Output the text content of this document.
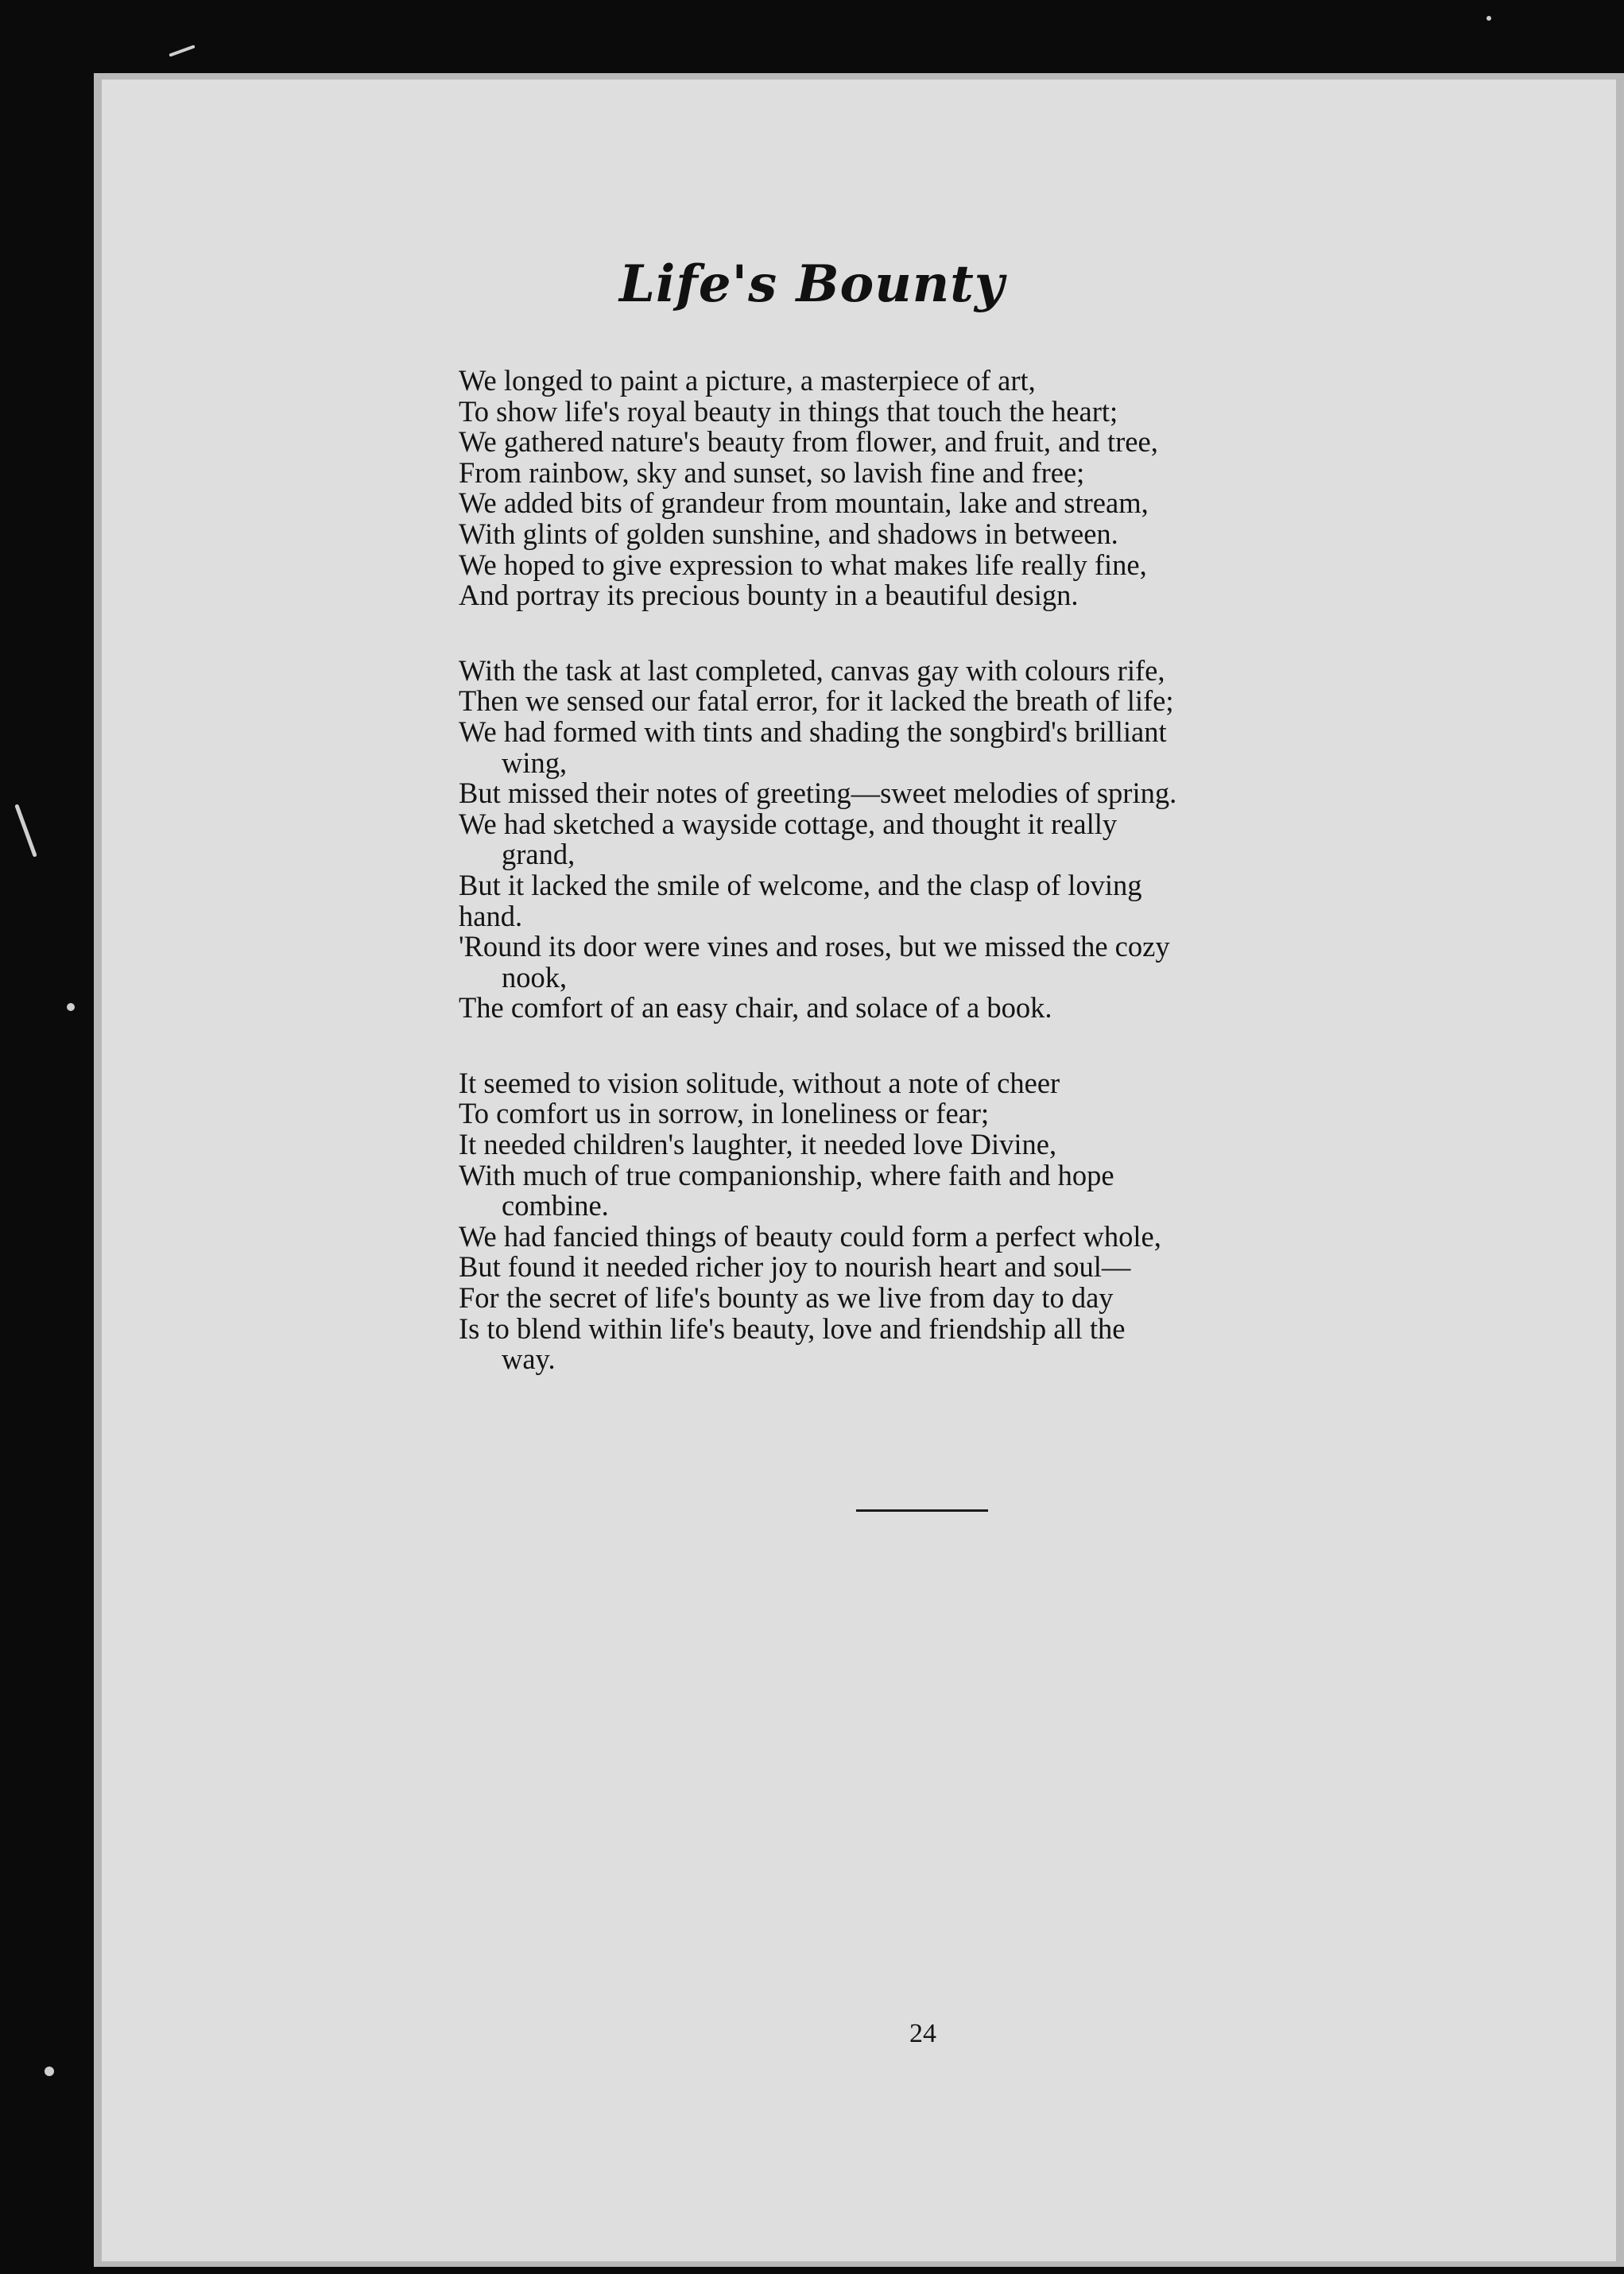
Life's Bounty
We longed to paint a picture, a masterpiece of art,
To show life's royal beauty in things that touch the heart;
We gathered nature's beauty from flower, and fruit, and tree,
From rainbow, sky and sunset, so lavish fine and free;
We added bits of grandeur from mountain, lake and stream,
With glints of golden sunshine, and shadows in between.
We hoped to give expression to what makes life really fine,
And portray its precious bounty in a beautiful design.
With the task at last completed, canvas gay with colours rife,
Then we sensed our fatal error, for it lacked the breath of life;
We had formed with tints and shading the songbird's brilliant
wing,
But missed their notes of greeting—sweet melodies of spring.
We had sketched a wayside cottage, and thought it really
grand,
But it lacked the smile of welcome, and the clasp of loving
hand.
'Round its door were vines and roses, but we missed the cozy
nook,
The comfort of an easy chair, and solace of a book.
It seemed to vision solitude, without a note of cheer
To comfort us in sorrow, in loneliness or fear;
It needed children's laughter, it needed love Divine,
With much of true companionship, where faith and hope
combine.
We had fancied things of beauty could form a perfect whole,
But found it needed richer joy to nourish heart and soul—
For the secret of life's bounty as we live from day to day
Is to blend within life's beauty, love and friendship all the
way.
24
